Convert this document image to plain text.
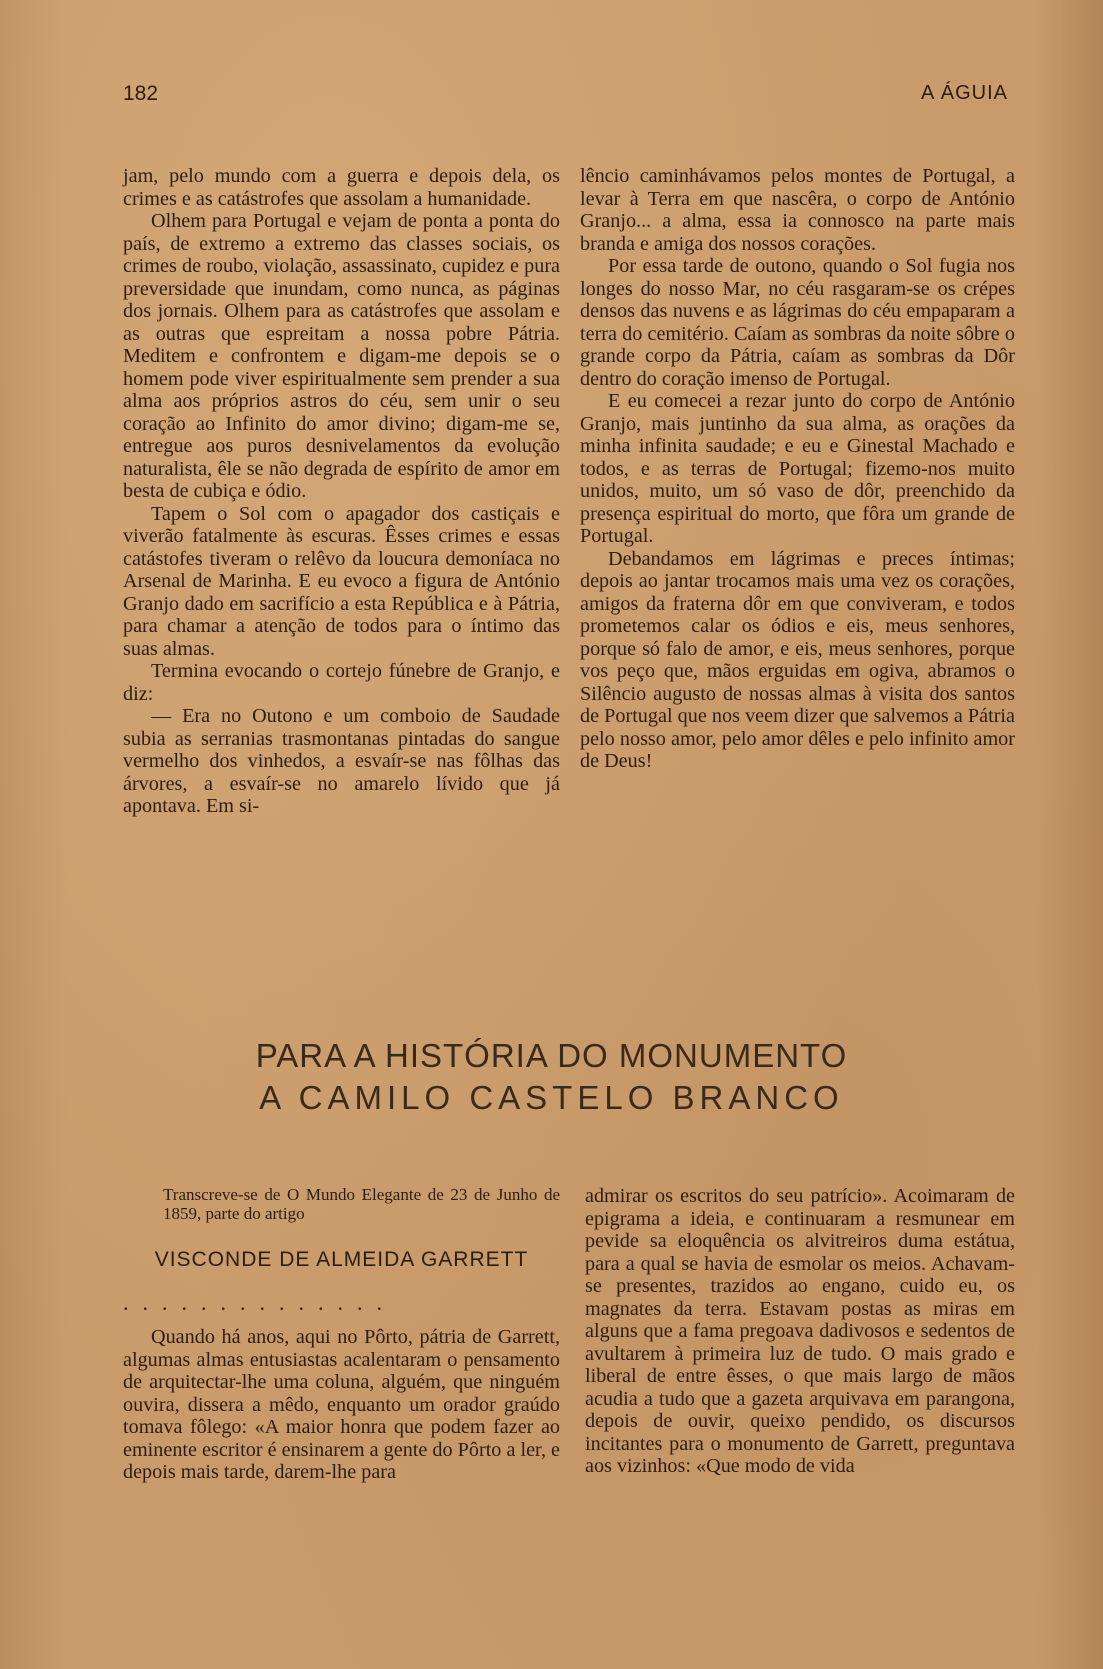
182	A ÁGUIA

jam, pelo mundo com a guerra e depois dela, os crimes e as catástrofes que assolam a humanidade.

Olhem para Portugal e vejam de ponta a ponta do país, de extremo a extremo das classes sociais, os crimes de roubo, violação, assassinato, cupidez e pura preversidade que inundam, como nunca, as páginas dos jornais. Olhem para as catástrofes que assolam e as outras que espreitam a nossa pobre Pátria. Meditem e confrontem e digam-me depois se o homem pode viver espiritualmente sem prender a sua alma aos próprios astros do céu, sem unir o seu coração ao Infinito do amor divino; digam-me se, entregue aos puros desnivelamentos da evolução naturalista, êle se não degrada de espírito de amor em besta de cubiça e ódio.

Tapem o Sol com o apagador dos castiçais e viverão fatalmente às escuras. Êsses crimes e essas catástofes tiveram o relêvo da loucura demoníaca no Arsenal de Marinha. E eu evoco a figura de António Granjo dado em sacrifício a esta República e à Pátria, para chamar a atenção de todos para o íntimo das suas almas.

Termina evocando o cortejo fúnebre de Granjo, e diz:

— Era no Outono e um comboio de Saudade subia as serranias trasmontanas pintadas do sangue vermelho dos vinhedos, a esvaír-se nas fôlhas das árvores, a esvaír-se no amarelo lívido que já apontava. Em si-

lêncio caminhávamos pelos montes de Portugal, a levar à Terra em que nascêra, o corpo de António Granjo... a alma, essa ia connosco na parte mais branda e amiga dos nossos corações.

Por essa tarde de outono, quando o Sol fugia nos longes do nosso Mar, no céu rasgaram-se os crépes densos das nuvens e as lágrimas do céu empaparam a terra do cemitério. Caíam as sombras da noite sôbre o grande corpo da Pátria, caíam as sombras da Dôr dentro do coração imenso de Portugal.

E eu comecei a rezar junto do corpo de António Granjo, mais juntinho da sua alma, as orações da minha infinita saudade; e eu e Ginestal Machado e todos, e as terras de Portugal; fizemo-nos muito unidos, muito, um só vaso de dôr, preenchido da presença espiritual do morto, que fôra um grande de Portugal.

Debandamos em lágrimas e preces íntimas; depois ao jantar trocamos mais uma vez os corações, amigos da fraterna dôr em que conviveram, e todos prometemos calar os ódios e eis, meus senhores, porque só falo de amor, e eis, meus senhores, porque vos peço que, mãos erguidas em ogiva, abramos o Silêncio augusto de nossas almas à visita dos santos de Portugal que nos veem dizer que salvemos a Pátria pelo nosso amor, pelo amor dêles e pelo infinito amor de Deus!

PARA A HISTÓRIA DO MONUMENTO
A CAMILO CASTELO BRANCO
Transcreve-se de O Mundo Elegante de 23 de Junho de 1859, parte do artigo
VISCONDE DE ALMEIDA GARRETT
..............

Quando há anos, aqui no Pôrto, pátria de Garrett, algumas almas entusiastas acalentaram o pensamento de arquitectar-lhe uma coluna, alguém, que ninguém ouvira, dissera a mêdo, enquanto um orador graúdo tomava fôlego: «A maior honra que podem fazer ao eminente escritor é ensinarem a gente do Pôrto a ler, e depois mais tarde, darem-lhe para

admirar os escritos do seu patrício». Acoimaram de epigrama a ideia, e continuaram a resmunear em pevide sa eloquência os alvitreiros duma estátua, para a qual se havia de esmolar os meios. Achavam-se presentes, trazidos ao engano, cuido eu, os magnates da terra. Estavam postas as miras em alguns que a fama pregoava dadivosos e sedentos de avultarem à primeira luz de tudo. O mais grado e liberal de entre êsses, o que mais largo de mãos acudia a tudo que a gazeta arquivava em parangona, depois de ouvir, queixo pendido, os discursos incitantes para o monumento de Garrett, preguntava aos vizinhos: «Que modo de vida
